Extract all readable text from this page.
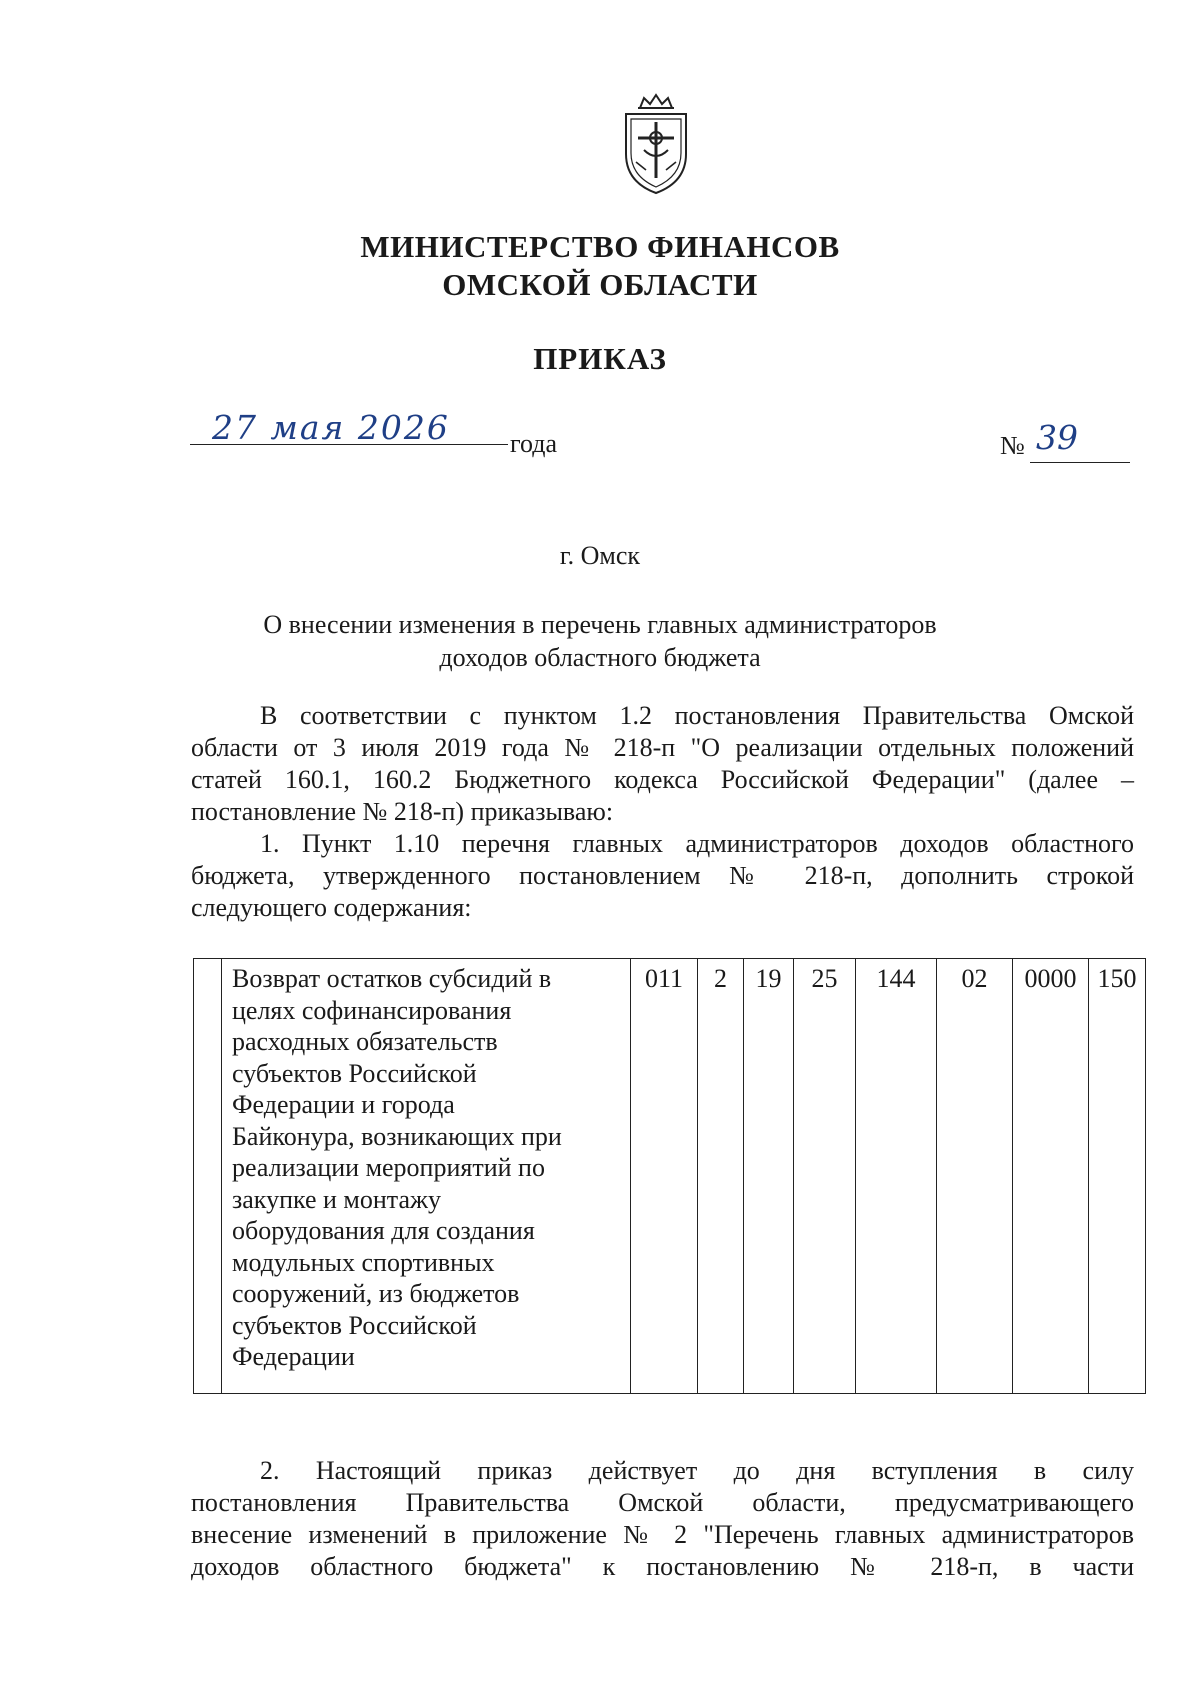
МИНИСТЕРСТВО ФИНАНСОВ
ОМСКОЙ ОБЛАСТИ
ПРИКАЗ
27 мая 2026 года	№ 39
г. Омск
О внесении изменения в перечень главных администраторов
доходов областного бюджета
В соответствии с пунктом 1.2 постановления Правительства Омской
области от 3 июля 2019 года № 218-п "О реализации отдельных положений
статей 160.1, 160.2 Бюджетного кодекса Российской Федерации" (далее –
постановление № 218-п) приказываю:
1. Пункт 1.10 перечня главных администраторов доходов областного
бюджета, утвержденного постановлением № 218-п, дополнить строкой
следующего содержания:

Возврат остатков субсидий в
целях софинансирования
расходных обязательств
субъектов Российской
Федерации и города
Байконура, возникающих при
реализации мероприятий по
закупке и монтажу
оборудования для создания
модульных спортивных
сооружений, из бюджетов
субъектов Российской
Федерации
	011	2	19	25	144	02	0000	150
2. Настоящий приказ действует до дня вступления в силу
постановления Правительства Омской области, предусматривающего
внесение изменений в приложение № 2 "Перечень главных администраторов
доходов областного бюджета" к постановлению № 218-п, в части
